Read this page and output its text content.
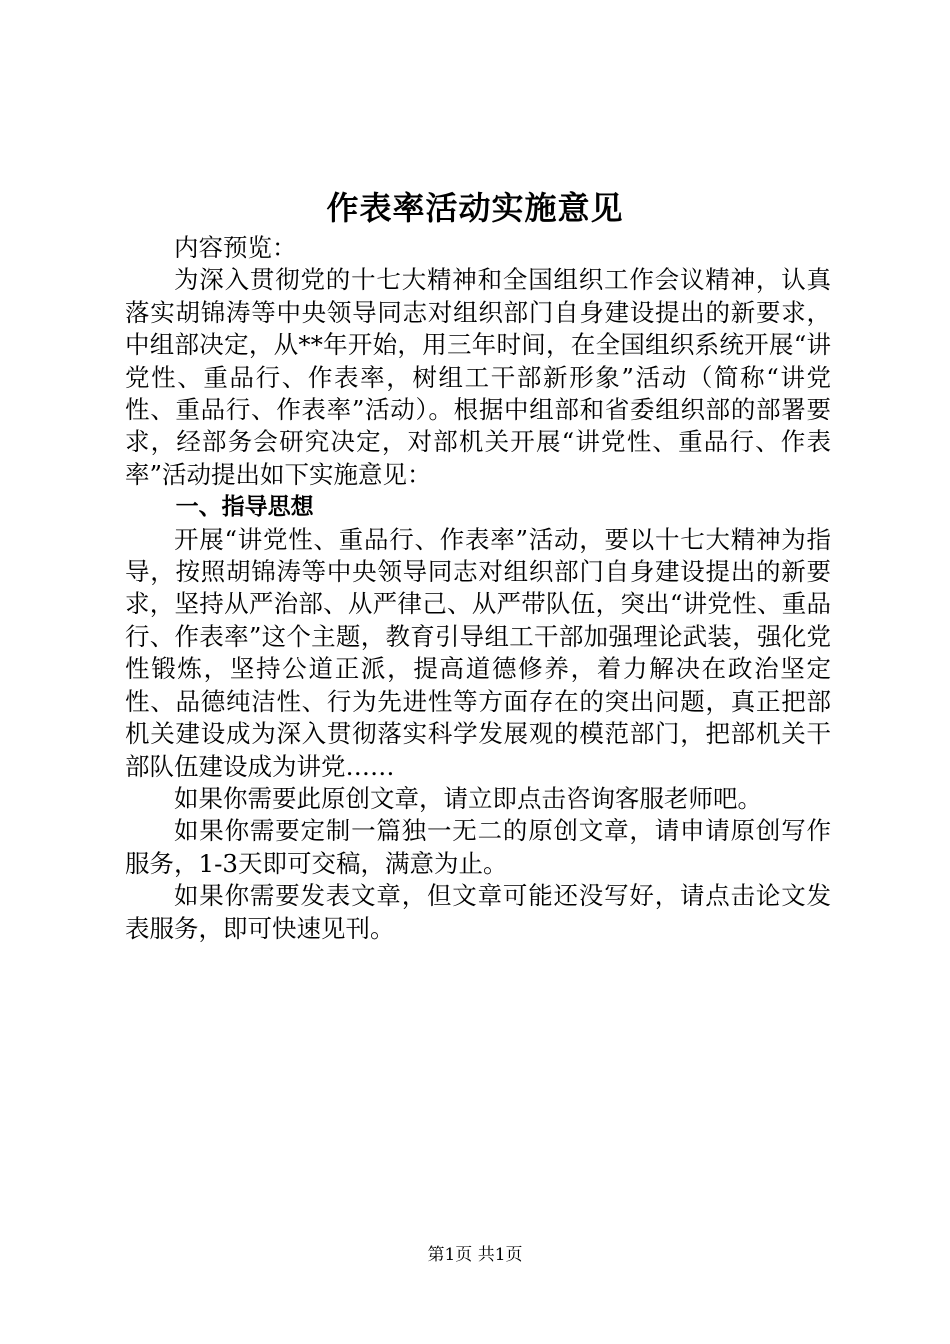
作表率活动实施意见

内容预览：

为深入贯彻党的十七大精神和全国组织工作会议精神，认真落实胡锦涛等中央领导同志对组织部门自身建设提出的新要求，中组部决定，从**年开始，用三年时间，在全国组织系统开展“讲党性、重品行、作表率，树组工干部新形象”活动（简称“讲党性、重品行、作表率”活动）。根据中组部和省委组织部的部署要求，经部务会研究决定，对部机关开展“讲党性、重品行、作表率”活动提出如下实施意见：

一、指导思想

开展“讲党性、重品行、作表率”活动，要以十七大精神为指导，按照胡锦涛等中央领导同志对组织部门自身建设提出的新要求，坚持从严治部、从严律己、从严带队伍，突出“讲党性、重品行、作表率”这个主题，教育引导组工干部加强理论武装，强化党性锻炼，坚持公道正派，提高道德修养，着力解决在政治坚定性、品德纯洁性、行为先进性等方面存在的突出问题，真正把部机关建设成为深入贯彻落实科学发展观的模范部门，把部机关干部队伍建设成为讲党……

如果你需要此原创文章，请立即点击咨询客服老师吧。

如果你需要定制一篇独一无二的原创文章，请申请原创写作服务，1-3天即可交稿，满意为止。

如果你需要发表文章，但文章可能还没写好，请点击论文发表服务，即可快速见刊。

第1页 共1页
